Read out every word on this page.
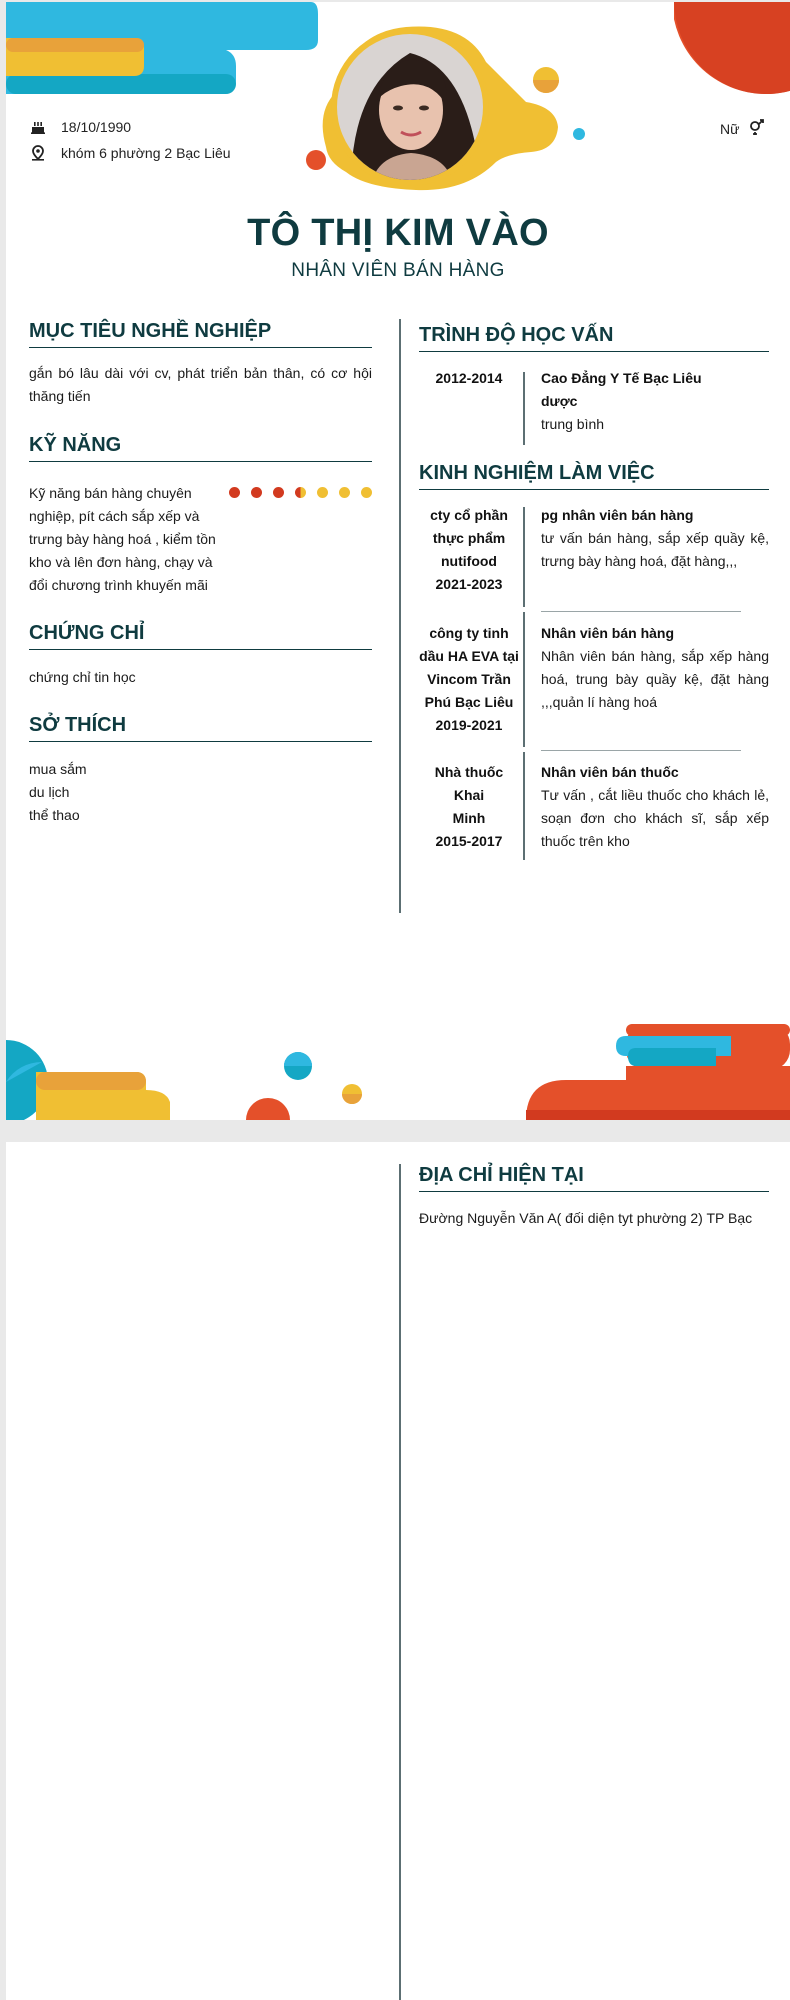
18/10/1990
khóm 6 phường 2 Bạc Liêu
Nữ
TÔ THỊ KIM VÀO
NHÂN VIÊN BÁN HÀNG
MỤC TIÊU NGHỀ NGHIỆP
gắn bó lâu dài với cv, phát triển bản thân, có cơ hội thăng tiến
KỸ NĂNG
Kỹ năng bán hàng chuyên nghiệp, pít cách sắp xếp và trưng bày hàng hoá , kiểm tồn kho và lên đơn hàng, chạy và đổi chương trình khuyến mãi
CHỨNG CHỈ
chứng chỉ tin học
SỞ THÍCH
mua sắm
du lịch
thể thao
TRÌNH ĐỘ HỌC VẤN
2012-2014	Cao Đẳng Y Tế Bạc Liêu
dược
trung bình
KINH NGHIỆM LÀM VIỆC
cty cổ phần
thực phẩm
nutifood
2021-2023
pg nhân viên bán hàng
tư vấn bán hàng, sắp xếp quầy kệ, trưng bày hàng hoá, đặt hàng,,,
công ty tinh
dầu HA EVA tại
Vincom Trần
Phú Bạc Liêu
2019-2021
Nhân viên bán hàng
Nhân viên bán hàng, sắp xếp hàng hoá, trung bày quầy kệ, đặt hàng ,,,quản lí hàng hoá
Nhà thuốc Khai
Minh
2015-2017
Nhân viên bán thuốc
Tư vấn , cắt liều thuốc cho khách lẻ, soạn đơn cho khách sĩ, sắp xếp thuốc trên kho
ĐỊA CHỈ HIỆN TẠI
Đường Nguyễn Văn A( đối diện tyt phường 2) TP Bạc
